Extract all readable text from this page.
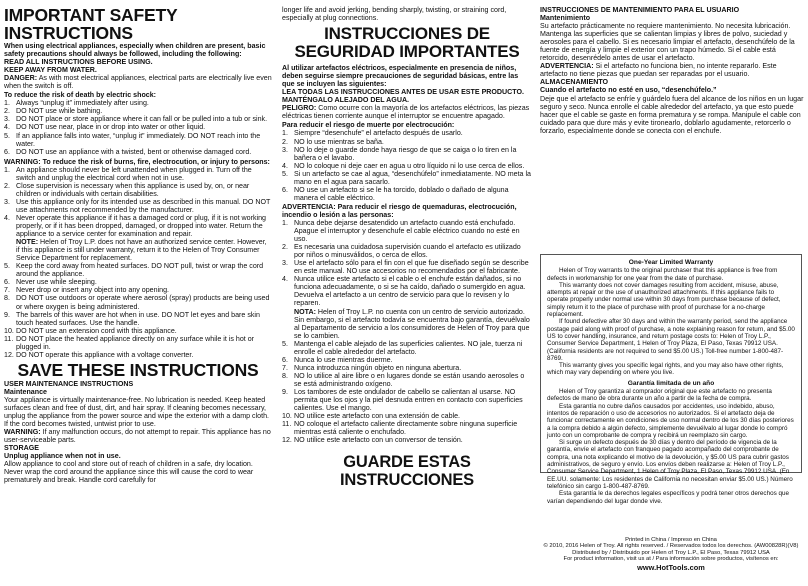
IMPORTANT SAFETY INSTRUCTIONS

When using electrical appliances, especially when children are present, basic safety precautions should always be followed, including the following:

READ ALL INSTRUCTIONS BEFORE USING.

KEEP AWAY FROM WATER.

DANGER: As with most electrical appliances, electrical parts are electrically live even when the switch is off.

To reduce the risk of death by electric shock:

1. Always “unplug it” immediately after using.
2. DO NOT use while bathing.
3. DO NOT place or store appliance where it can fall or be pulled into a tub or sink.
4. DO NOT use near, place in or drop into water or other liquid.
5. If an appliance falls into water, “unplug it” immediately. DO NOT reach into the water.
6. DO NOT use an appliance with a twisted, bent or otherwise damaged cord.

WARNING: To reduce the risk of burns, fire, electrocution, or injury to persons:

1. An appliance should never be left unattended when plugged in. Turn off the switch and unplug the electrical cord when not in use.
2. Close supervision is necessary when this appliance is used by, on, or near children or individuals with certain disabilities.
3. Use this appliance only for its intended use as described in this manual. DO NOT use attachments not recommended by the manufacturer.
4. Never operate this appliance if it has a damaged cord or plug, if it is not working properly, or if it has been dropped, damaged, or dropped into water. Return the appliance to a service center for examination and repair.
NOTE: Helen of Troy L.P. does not have an authorized service center. However, if this appliance is still under warranty, return it to the Helen of Troy Consumer Service Department for replacement.
5. Keep the cord away from heated surfaces. DO NOT pull, twist or wrap the cord around the appliance.
6. Never use while sleeping.
7. Never drop or insert any object into any opening.
8. DO NOT use outdoors or operate where aerosol (spray) products are being used or where oxygen is being administered.
9. The barrels of this waver are hot when in use. DO NOT let eyes and bare skin touch heated surfaces. Use the handle.
10. DO NOT use an extension cord with this appliance.
11. DO NOT place the heated appliance directly on any surface while it is hot or plugged in.
12. DO NOT operate this appliance with a voltage converter.
SAVE THESE INSTRUCTIONS

USER MAINTENANCE INSTRUCTIONS

Maintenance

Your appliance is virtually maintenance-free. No lubrication is needed. Keep heated surfaces clean and free of dust, dirt, and hair spray. If cleaning becomes necessary, unplug the appliance from the power source and wipe the exterior with a damp cloth. If the cord becomes twisted, untwist prior to use.

WARNING: If any malfunction occurs, do not attempt to repair. This appliance has no user-serviceable parts.

STORAGE

Unplug appliance when not in use.

Allow appliance to cool and store out of reach of children in a safe, dry location. Never wrap the cord around the appliance since this will cause the cord to wear prematurely and break. Handle cord carefully for

longer life and avoid jerking, bending sharply, twisting, or straining cord, especially at plug connections.

INSTRUCCIONES DE SEGURIDAD IMPORTANTES

Al utilizar artefactos eléctricos, especialmente en presencia de niños, deben seguirse siempre precauciones de seguridad básicas, entre las que se incluyen las siguientes:

LEA TODAS LAS INSTRUCCIONES ANTES DE USAR ESTE PRODUCTO.

MANTÉNGALO ALEJADO DEL AGUA.

PELIGRO: Como ocurre con la mayoría de los artefactos eléctricos, las piezas eléctricas tienen corriente aunque el interruptor se encuentre apagado.

Para reducir el riesgo de muerte por electrocución:

1. Siempre “desenchufe” el artefacto después de usarlo.
2. NO lo use mientras se baña.
3. NO lo deje o guarde donde haya riesgo de que se caiga o lo tiren en la bañera o el lavabo.
4. NO lo coloque ni deje caer en agua u otro líquido ni lo use cerca de ellos.
5. Si un artefacto se cae al agua, “desenchúfelo” inmediatamente. NO meta la mano en el agua para sacarlo.
6. NO use un artefacto si se le ha torcido, doblado o dañado de alguna manera el cable eléctrico.

ADVERTENCIA: Para reducir el riesgo de quemaduras, electrocución, incendio o lesión a las personas:

1. Nunca debe dejarse desatendido un artefacto cuando está enchufado. Apague el interruptor y desenchufe el cable eléctrico cuando no esté en uso.
2. Es necesaria una cuidadosa supervisión cuando el artefacto es utilizado por niños o minusválidos, o cerca de ellos.
3. Use el artefacto sólo para el fin con el que fue diseñado según se describe en este manual. NO use accesorios no recomendados por el fabricante.
4. Nunca utilice este artefacto si el cable o el enchufe están dañados, si no funciona adecuadamente, o si se ha caído, dañado o sumergido en agua. Devuelva el artefacto a un centro de servicio para que lo revisen y lo reparen.
NOTA: Helen of Troy L.P. no cuenta con un centro de servicio autorizado. Sin embargo, si el artefacto todavía se encuentra bajo garantía, devuélvalo al Departamento de servicio a los consumidores de Helen of Troy para que se lo cambien.
5. Mantenga el cable alejado de las superficies calientes. NO jale, tuerza ni enrolle el cable alrededor del artefacto.
6. Nunca lo use mientras duerme.
7. Nunca introduzca ningún objeto en ninguna abertura.
8. NO lo utilice al aire libre o en lugares donde se están usando aerosoles o se está administrando oxígeno.
9. Los tambores de este ondulador de cabello se calientan al usarse. NO permita que los ojos y la piel desnuda entren en contacto con superficies calientes. Use el mango.
10. NO utilice este artefacto con una extensión de cable.
11. NO coloque el artefacto caliente directamente sobre ninguna superficie mientras está caliente o enchufado.
12. NO utilice este artefacto con un conversor de tensión.
GUARDE ESTAS INSTRUCCIONES

INSTRUCCIONES DE MANTENIMIENTO PARA EL USUARIO

Mantenimiento

Su artefacto prácticamente no requiere mantenimiento. No necesita lubricación. Mantenga las superficies que se calientan limpias y libres de polvo, suciedad y aerosoles para el cabello. Si es necesario limpiar el artefacto, desenchúfelo de la fuente de energía y limpie el exterior con un trapo húmedo. Si el cable está retorcido, desenrédelo antes de usar el artefacto.

ADVERTENCIA: Si el artefacto no funciona bien, no intente repararlo. Este artefacto no tiene piezas que puedan ser reparadas por el usuario.

ALMACENAMIENTO

Cuando el artefacto no esté en uso, “desenchúfelo.”

Deje que el artefacto se enfríe y guárdelo fuera del alcance de los niños en un lugar seguro y seco. Nunca enrolle el cable alrededor del artefacto, ya que esto puede hacer que el cable se gaste en forma prematura y se rompa. Manipule el cable con cuidado para que dure más y evite tironearlo, doblarlo agudamente, retorcerlo o forzarlo, especialmente donde se conecta con el enchufe.

One-Year Limited Warranty

Helen of Troy warrants to the original purchaser that this appliance is free from defects in workmanship for one year from the date of purchase.

This warranty does not cover damages resulting from accident, misuse, abuse, attempts at repair or the use of unauthorized attachments. If this appliance fails to operate properly under normal use within 30 days from purchase because of defect, simply return it to the place of purchase with proof of purchase for a no-charge replacement.

If found defective after 30 days and within the warranty period, send the appliance postage paid along with proof of purchase, a note explaining reason for return, and $5.00 US to cover handling, insurance, and return postage costs to: Helen of Troy L.P., Consumer Service Department, 1 Helen of Troy Plaza, El Paso, Texas 79912 USA. (California residents are not required to send $5.00 US.) Toll-free number 1-800-487-8769.

This warranty gives you specific legal rights, and you may also have other rights, which may vary depending on where you live.

Garantía limitada de un año

Helen of Troy garantiza al comprador original que este artefacto no presenta defectos de mano de obra durante un año a partir de la fecha de compra.

Esta garantía no cubre daños causados por accidentes, uso indebido, abuso, intentos de reparación o uso de accesorios no autorizados. Si el artefacto deja de funcionar correctamente en condiciones de uso normal dentro de los 30 días posteriores a la compra debido a algún defecto, simplemente devuélvalo al lugar donde lo compró junto con un comprobante de compra y recibirá un reemplazo sin cargo.

Si surge un defecto después de 30 días y dentro del período de vigencia de la garantía, envíe el artefacto con franqueo pagado acompañado del comprobante de compra, una nota explicando el motivo de la devolución, y $5.00 US para cubrir gastos administrativos, de seguro y envío. Los envíos deben realizarse a: Helen of Troy L.P., Consumer Service Department, 1 Helen of Troy Plaza, El Paso, Texas 79912 USA. (En EE.UU. solamente: Los residentes de California no necesitan enviar $5.00 US.) Número telefónico sin cargo 1-800-487-8769.

Esta garantía le da derechos legales específicos y podrá tener otros derechos que varían dependiendo del lugar donde vive.

Printed in China / Impreso en China
© 2010, 2016 Helen of Troy. All rights reserved. / Reservados todos los derechos. (AW00828R)(V8)
Distributed by / Distribuido por Helen of Troy L.P., El Paso, Texas 79912 USA
For product information, visit us at / Para información sobre productos, visítenos en:
www.HotTools.com
